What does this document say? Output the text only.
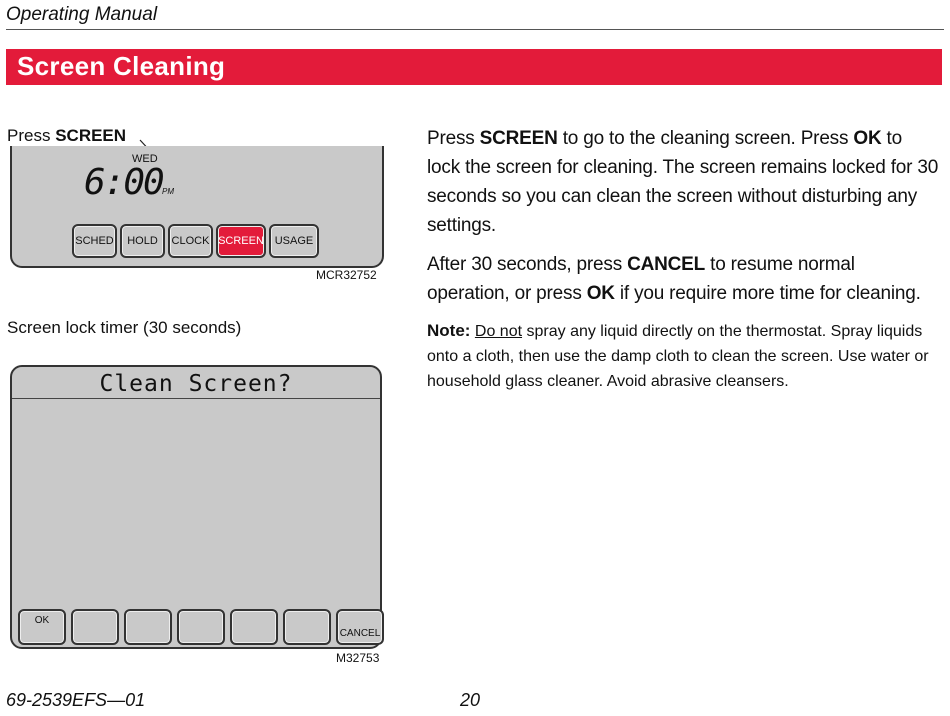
Operating Manual
Screen Cleaning
Press SCREEN
WED
6:00 PM
SCHED	HOLD	CLOCK SCREEN USAGE
MCR32752
Screen lock timer (30 seconds)
Clean Screen?
OK
CANCEL
M32753

Press SCREEN to go to the cleaning screen. Press OK to lock the screen for cleaning. The screen remains locked for 30 seconds so you can clean the screen without disturbing any settings.

After 30 seconds, press CANCEL to resume normal operation, or press OK if you require more time for cleaning.

Note: Do not spray any liquid directly on the thermostat. Spray liquids onto a cloth, then use the damp cloth to clean the screen. Use water or household glass cleaner. Avoid abrasive cleansers.

69-2539EFS—01	20
